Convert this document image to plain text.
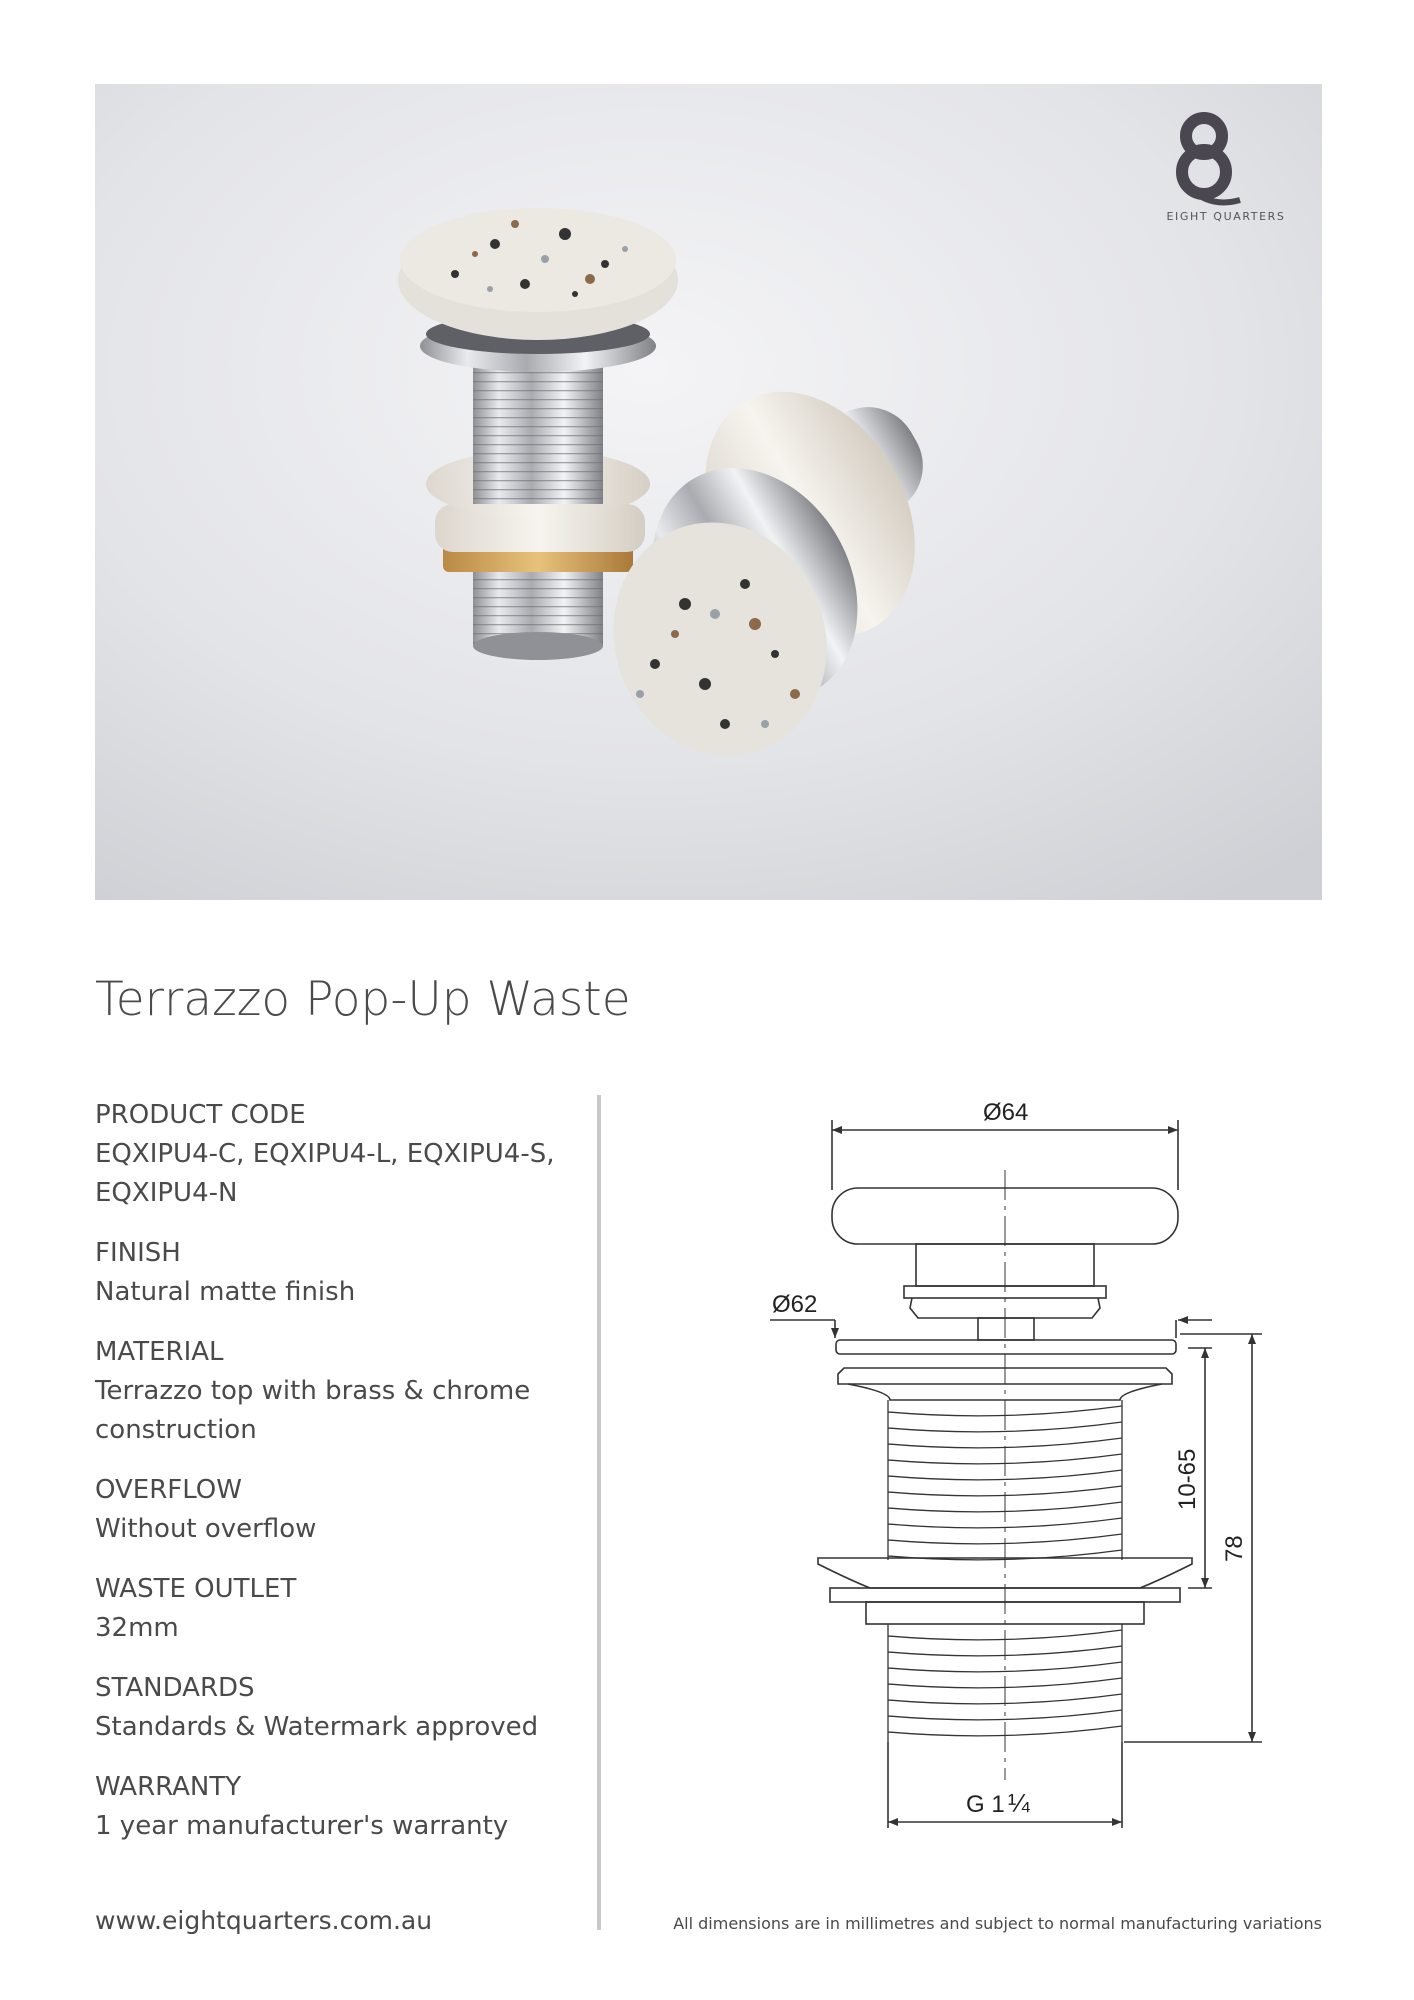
EIGHT QUARTERS
Terrazzo Pop-Up Waste
PRODUCT CODE
EQXIPU4-C, EQXIPU4-L, EQXIPU4-S,
EQXIPU4-N
FINISH
Natural matte finish
MATERIAL
Terrazzo top with brass & chrome
construction
OVERFLOW
Without overflow
WASTE OUTLET
32mm
STANDARDS
Standards & Watermark approved
WARRANTY
1 year manufacturer's warranty
www.eightquarters.com.au
Ø64
Ø62
10-65
78
G 1 ¼
All dimensions are in millimetres and subject to normal manufacturing variations
